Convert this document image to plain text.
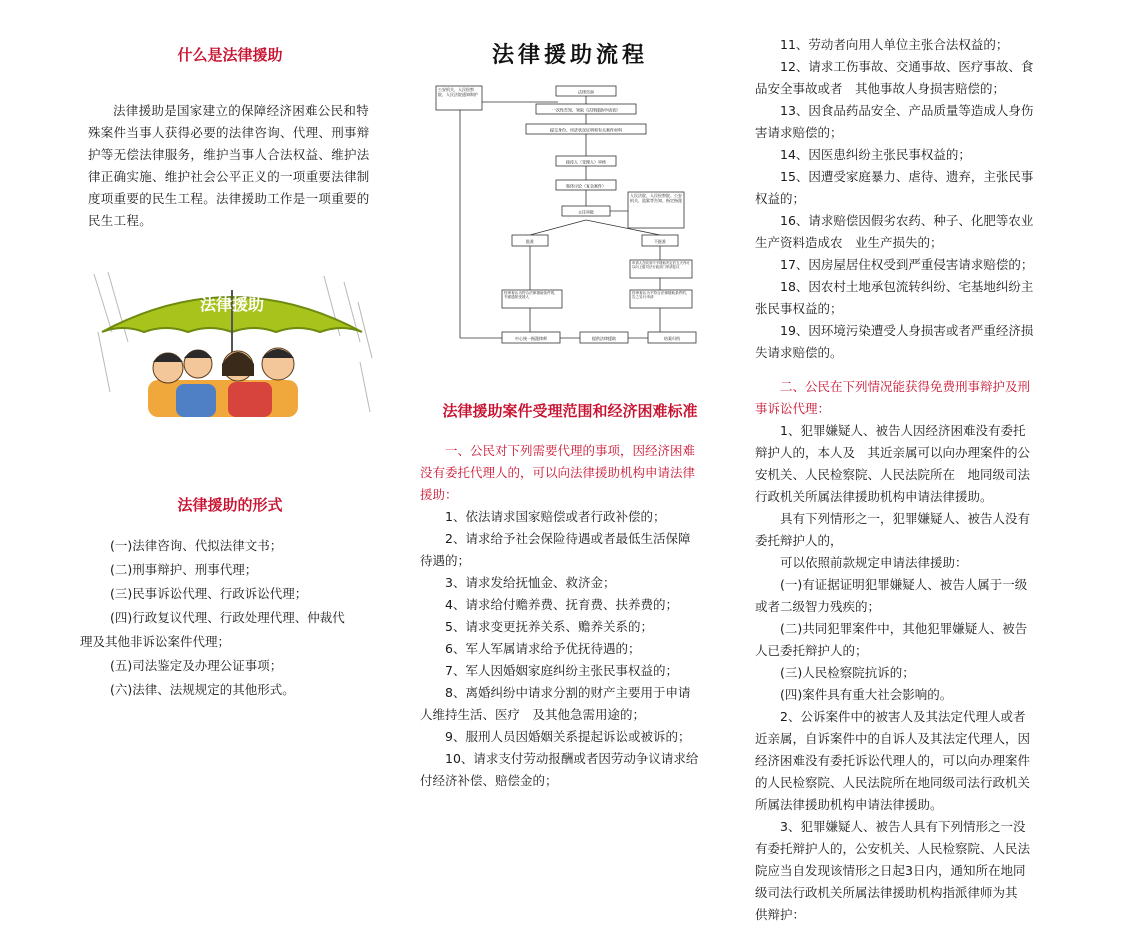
什么是法律援助
法律援助是国家建立的保障经济困难公民和特殊案件当事人获得必要的法律咨询、代理、刑事辩护等无偿法律服务，维护当事人合法权益、维护法律正确实施、维护社会公平正义的一项重要法律制度项重要的民生工程。法律援助工作是一项重要的民生工程。
法律援助
法律援助的形式
(一)法律咨询、代拟法律文书；
(二)刑事辩护、刑事代理；
(三)民事诉讼代理、行政诉讼代理；
(四)行政复议代理、行政处理代理、仲裁代
理及其他非诉讼案件代理；
(五)司法鉴定及办理公证事项；
(六)法律、法规规定的其他形式。
法律援助流程
法律咨询
公安机关、人民检察院、人民法院通知辩护
一次性告知，领取《法律援助申请表》
提交身份、经济状况证明和有关案件材料
接待人（受理人）审核
集体讨论（复杂案件）
主任审批
人民法院、人民检察院、公安机关、监狱等告知、指定指派
批准	不批准
申请人在收到不予援助决定后五天内可以向上级司法行政部门申请复议
经审查认为符合法律援助条件的，书面通知受援人
经审查认为不符合法律援助条件的，告之另行申请
中心统一指派律师	提供法律援助	结案归档
法律援助案件受理范围和经济困难标准
一、公民对下列需要代理的事项，因经济困难
没有委托代理人的，可以向法律援助机构申请法律
援助：
1、依法请求国家赔偿或者行政补偿的；
2、请求给予社会保险待遇或者最低生活保障
待遇的；
3、请求发给抚恤金、救济金；
4、请求给付赡养费、抚育费、扶养费的；
5、请求变更抚养关系、赡养关系的；
6、军人军属请求给予优抚待遇的；
7、军人因婚姻家庭纠纷主张民事权益的；
8、离婚纠纷中请求分割的财产主要用于申请
人维持生活、医疗　及其他急需用途的；
9、服刑人员因婚姻关系提起诉讼或被诉的；
10、请求支付劳动报酬或者因劳动争议请求给
付经济补偿、赔偿金的；
11、劳动者向用人单位主张合法权益的；
12、请求工伤事故、交通事故、医疗事故、食
品安全事故或者　其他事故人身损害赔偿的；
13、因食品药品安全、产品质量等造成人身伤
害请求赔偿的；
14、因医患纠纷主张民事权益的；
15、因遭受家庭暴力、虐待、遗弃，主张民事
权益的；
16、请求赔偿因假劣农药、种子、化肥等农业
生产资料造成农　业生产损失的；
17、因房屋居住权受到严重侵害请求赔偿的；
18、因农村土地承包流转纠纷、宅基地纠纷主
张民事权益的；
19、因环境污染遭受人身损害或者严重经济损
失请求赔偿的。
二、公民在下列情况能获得免费刑事辩护及刑
事诉讼代理：
1、犯罪嫌疑人、被告人因经济困难没有委托
辩护人的，本人及　其近亲属可以向办理案件的公
安机关、人民检察院、人民法院所在　地同级司法
行政机关所属法律援助机构申请法律援助。
具有下列情形之一，犯罪嫌疑人、被告人没有
委托辩护人的，
可以依照前款规定申请法律援助：
(一)有证据证明犯罪嫌疑人、被告人属于一级
或者二级智力残疾的；
(二)共同犯罪案件中，其他犯罪嫌疑人、被告
人已委托辩护人的；
(三)人民检察院抗诉的；
(四)案件具有重大社会影响的。
2、公诉案件中的被害人及其法定代理人或者
近亲属，自诉案件中的自诉人及其法定代理人，因
经济困难没有委托诉讼代理人的，可以向办理案件
的人民检察院、人民法院所在地同级司法行政机关
所属法律援助机构申请法律援助。
3、犯罪嫌疑人、被告人具有下列情形之一没
有委托辩护人的，公安机关、人民检察院、人民法
院应当自发现该情形之日起3日内，通知所在地同
级司法行政机关所属法律援助机构指派律师为其
供辩护：
